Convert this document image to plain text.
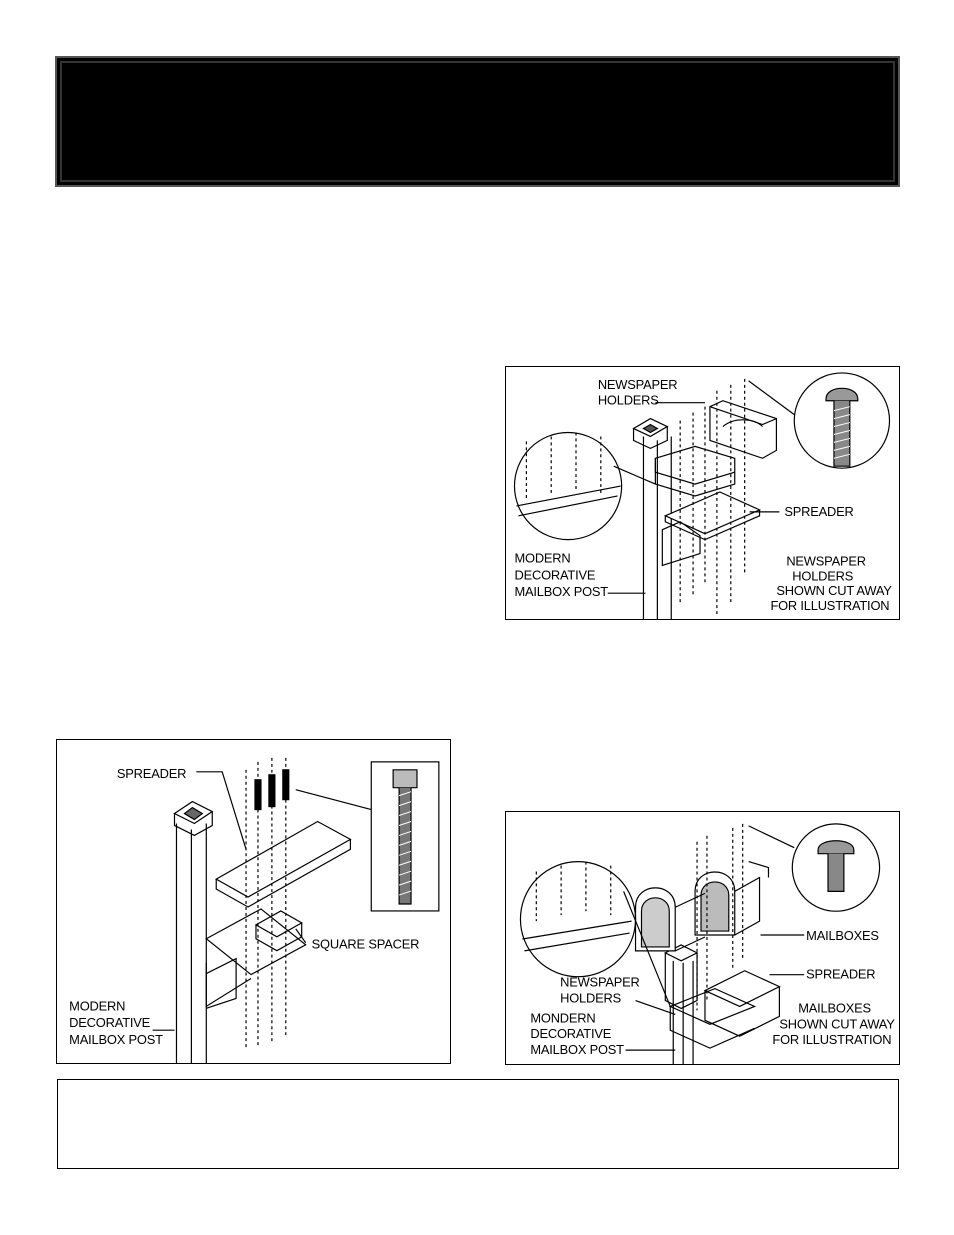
NEWSPAPER
HOLDERS
SPREADER
MODERN
DECORATIVE
MAILBOX POST
NEWSPAPER
HOLDERS
SHOWN CUT AWAY
FOR ILLUSTRATION
SPREADER
SQUARE SPACER
MODERN
DECORATIVE
MAILBOX POST
MAILBOXES
SPREADER
NEWSPAPER
HOLDERS
MONDERN
DECORATIVE
MAILBOX POST
MAILBOXES
SHOWN CUT AWAY
FOR ILLUSTRATION
